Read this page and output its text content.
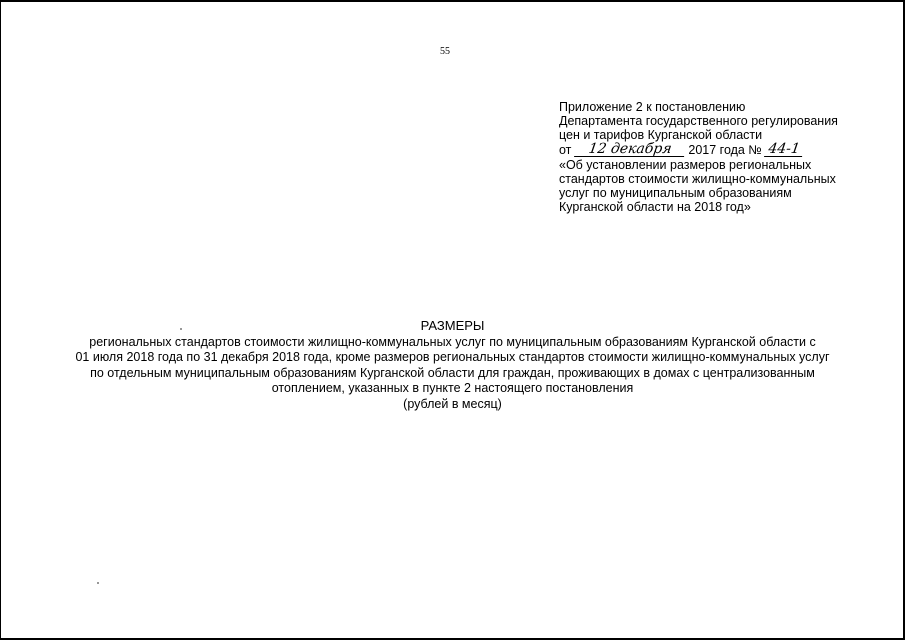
55
Приложение 2 к постановлению
Департамента государственного регулирования
цен и тарифов Курганской области
от 12 декабря 2017 года № 44-1
«Об установлении размеров региональных
стандартов стоимости жилищно-коммунальных
услуг по муниципальным образованиям
Курганской области на 2018 год»
РАЗМЕРЫ
региональных стандартов стоимости жилищно-коммунальных услуг по муниципальным образованиям Курганской области с
01 июля 2018 года по 31 декабря 2018 года, кроме размеров региональных стандартов стоимости жилищно-коммунальных услуг
по отдельным муниципальным образованиям Курганской области для граждан, проживающих в домах с централизованным
отоплением, указанных в пункте 2 настоящего постановления
(рублей в месяц)
